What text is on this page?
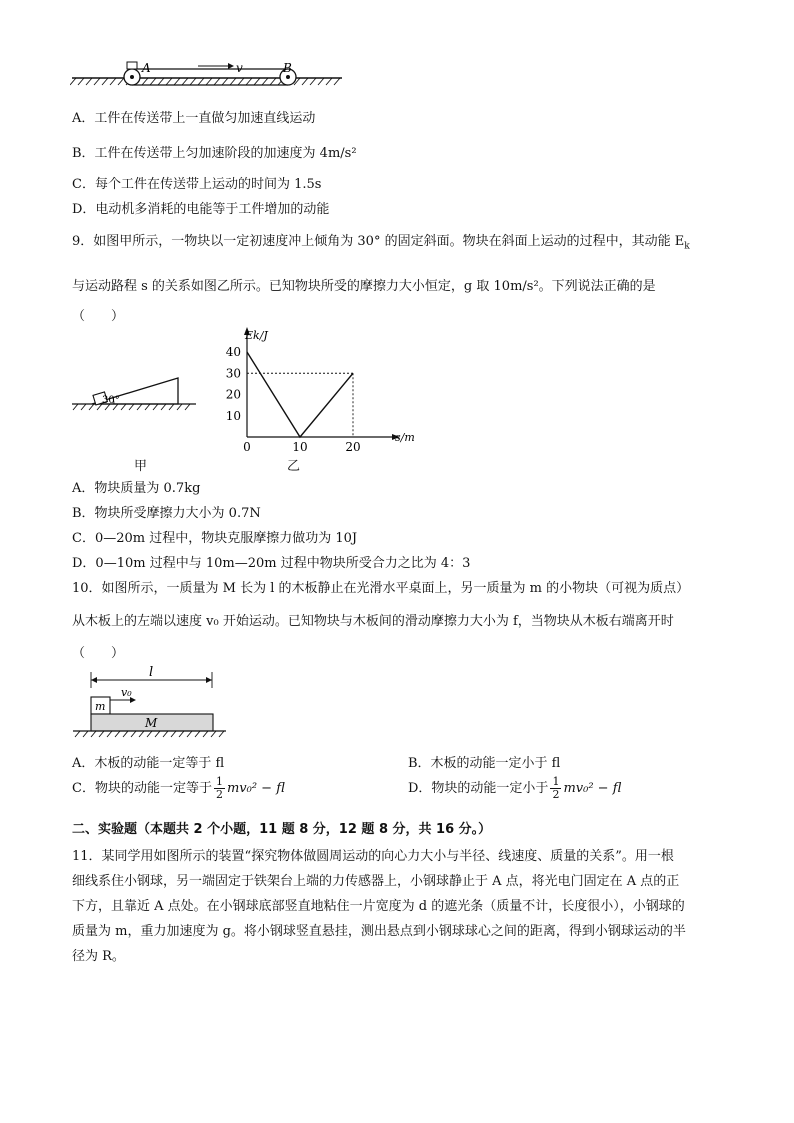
A	v	B
A．工件在传送带上一直做匀加速直线运动
B．工件在传送带上匀加速阶段的加速度为 4m/s²
C．每个工件在传送带上运动的时间为 1.5s
D．电动机多消耗的电能等于工件增加的动能
9．如图甲所示，一物块以一定初速度冲上倾角为 30° 的固定斜面。物块在斜面上运动的过程中，其动能 $E_k$
与运动路程 s 的关系如图乙所示。已知物块所受的摩擦力大小恒定，g 取 10m/s²。下列说法正确的是
（　　）
30°
甲
Ek/J
s/m
10
20
30
40
0	10	20
乙
A．物块质量为 0.7kg
B．物块所受摩擦力大小为 0.7N
C．0—20m 过程中，物块克服摩擦力做功为 10J
D．0—10m 过程中与 10m—20m 过程中物块所受合力之比为 4：3
10．如图所示，一质量为 M 长为 l 的木板静止在光滑水平桌面上，另一质量为 m 的小物块（可视为质点）
从木板上的左端以速度 v₀ 开始运动。已知物块与木板间的滑动摩擦力大小为 f，当物块从木板右端离开时
（　　）
l
v₀
m
M
A．木板的动能一定等于 fl	B．木板的动能一定小于 fl
C．物块的动能一定等于 $\frac{1}{2} mv_0^2$ − fl	D．物块的动能一定小于 $\frac{1}{2} mv_0^2$ − fl
二、实验题（本题共 2 个小题，11 题 8 分，12 题 8 分，共 16 分。）
11．某同学用如图所示的装置“探究物体做圆周运动的向心力大小与半径、线速度、质量的关系”。用一根
细线系住小钢球，另一端固定于铁架台上端的力传感器上，小钢球静止于 A 点，将光电门固定在 A 点的正
下方，且靠近 A 点处。在小钢球底部竖直地粘住一片宽度为 d 的遮光条（质量不计，长度很小），小钢球的
质量为 m，重力加速度为 g。将小钢球竖直悬挂，测出悬点到小钢球球心之间的距离，得到小钢球运动的半
径为 R。
